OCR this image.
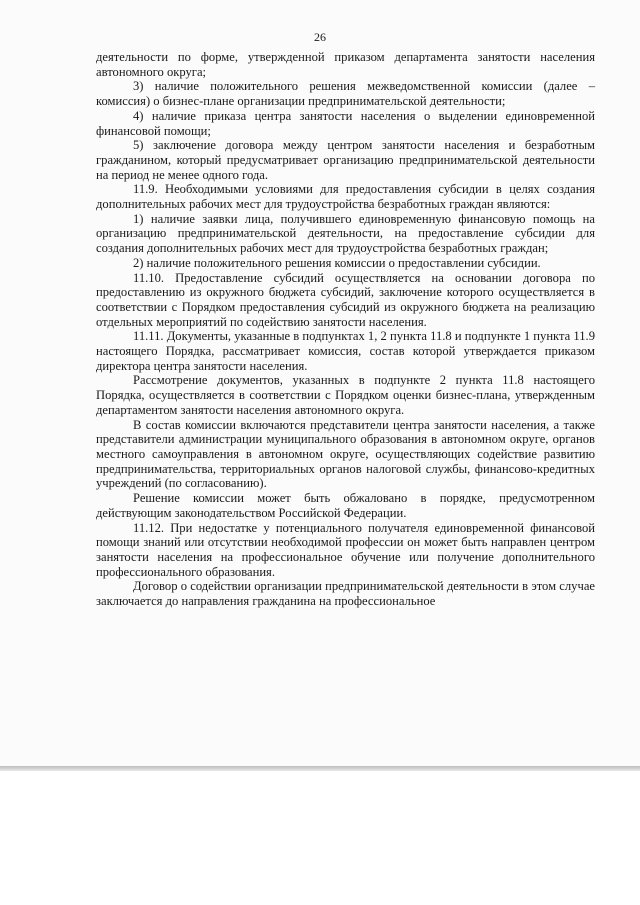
26

деятельности по форме, утвержденной приказом департамента занятости населения автономного округа;

3) наличие положительного решения межведомственной комиссии (далее – комиссия) о бизнес-плане организации предпринимательской деятельности;

4) наличие приказа центра занятости населения о выделении единовременной финансовой помощи;

5) заключение договора между центром занятости населения и безработным гражданином, который предусматривает организацию предпринимательской деятельности на период не менее одного года.

11.9. Необходимыми условиями для предоставления субсидии в целях создания дополнительных рабочих мест для трудоустройства безработных граждан являются:

1) наличие заявки лица, получившего единовременную финансовую помощь на организацию предпринимательской деятельности, на предоставление субсидии для создания дополнительных рабочих мест для трудоустройства безработных граждан;

2) наличие положительного решения комиссии о предоставлении субсидии.

11.10. Предоставление субсидий осуществляется на основании договора по предоставлению из окружного бюджета субсидий, заключение которого осуществляется в соответствии с Порядком предоставления субсидий из окружного бюджета на реализацию отдельных мероприятий по содействию занятости населения.

11.11. Документы, указанные в подпунктах 1, 2 пункта 11.8 и подпункте 1 пункта 11.9 настоящего Порядка, рассматривает комиссия, состав которой утверждается приказом директора центра занятости населения.

Рассмотрение документов, указанных в подпункте 2 пункта 11.8 настоящего Порядка, осуществляется в соответствии с Порядком оценки бизнес-плана, утвержденным департаментом занятости населения автономного округа.

В состав комиссии включаются представители центра занятости населения, а также представители администрации муниципального образования в автономном округе, органов местного самоуправления в автономном округе, осуществляющих содействие развитию предпринимательства, территориальных органов налоговой службы, финансово-кредитных учреждений (по согласованию).

Решение комиссии может быть обжаловано в порядке, предусмотренном действующим законодательством Российской Федерации.

11.12. При недостатке у потенциального получателя единовременной финансовой помощи знаний или отсутствии необходимой профессии он может быть направлен центром занятости населения на профессиональное обучение или получение дополнительного профессионального образования.

Договор о содействии организации предпринимательской деятельности в этом случае заключается до направления гражданина на профессиональное
